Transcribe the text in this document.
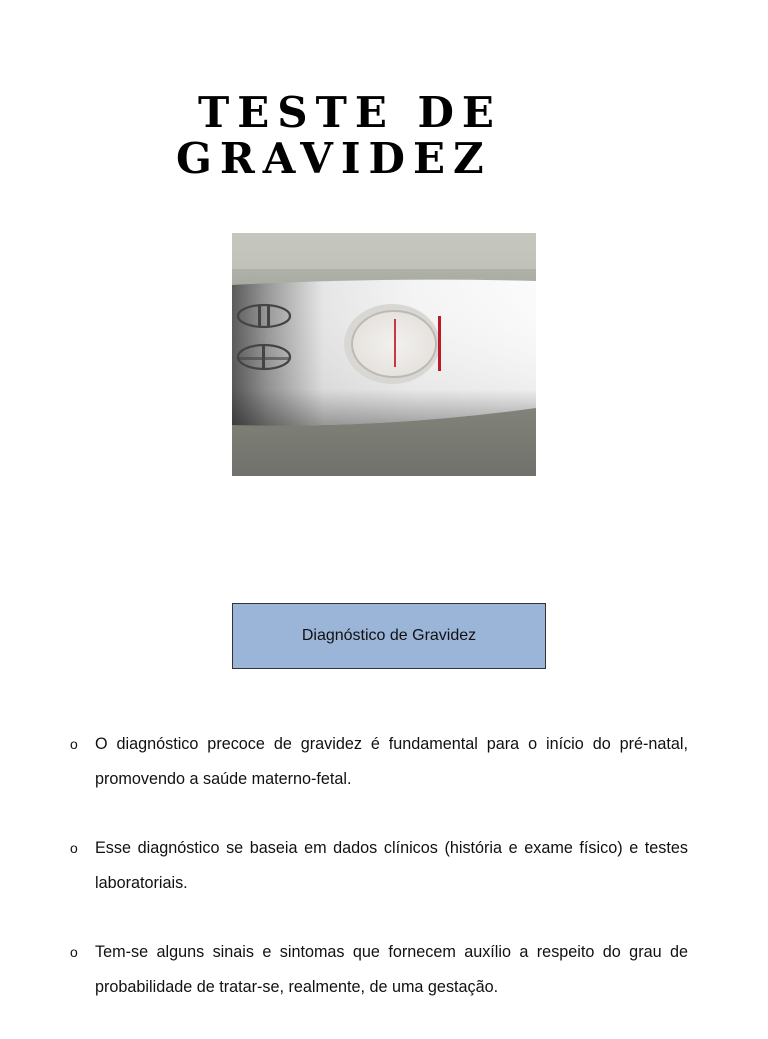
TESTE DE
GRAVIDEZ
Diagnóstico de Gravidez
o O diagnóstico precoce de gravidez é fundamental para o início do pré-natal, promovendo a saúde materno-fetal.
o Esse diagnóstico se baseia em dados clínicos (história e exame físico) e testes laboratoriais.
o Tem-se alguns sinais e sintomas que fornecem auxílio a respeito do grau de probabilidade de tratar-se, realmente, de uma gestação.
